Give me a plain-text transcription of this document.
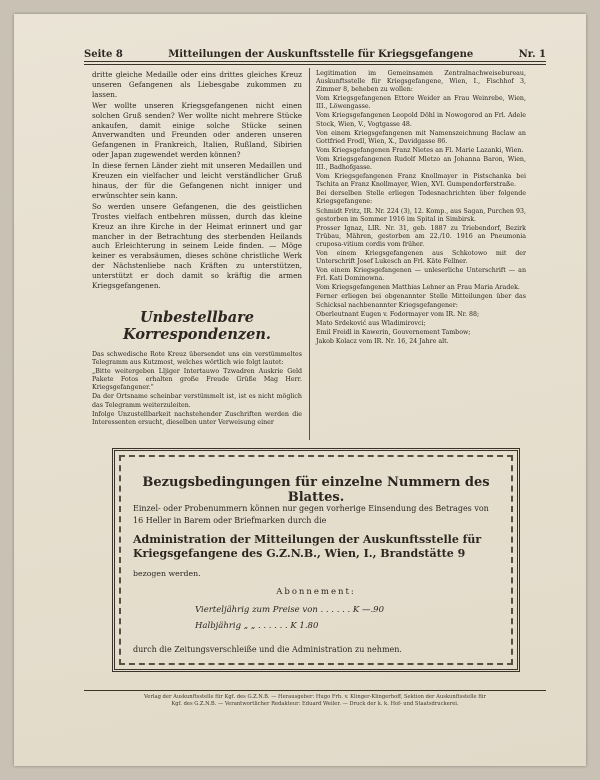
Seite 8	Mitteilungen der Auskunftsstelle für Kriegsgefangene	Nr. 1

dritte gleiche Medaille oder eins drittes gleiches Kreuz unseren Gefangenen als Liebesgabe zukommen zu lassen.

Wer wollte unseren Kriegsgefangenen nicht einen solchen Gruß senden? Wer wollte nicht mehrere Stücke ankaufen, damit einige solche Stücke seinen Anverwandten und Freunden oder anderen unseren Gefangenen in Frankreich, Italien, Rußland, Sibirien oder Japan zugewendet werden können?

In diese fernen Länder zieht mit unseren Medaillen und Kreuzen ein vielfacher und leicht verständlicher Gruß hinaus, der für die Gefangenen nicht inniger und erwünschter sein kann.

So werden unsere Gefangenen, die des geistlichen Trostes vielfach entbehren müssen, durch das kleine Kreuz an ihre Kirche in der Heimat erinnert und gar mancher in der Betrachtung des sterbenden Heilands auch Erleichterung in seinem Leide finden. — Möge keiner es verabsäumen, dieses schöne christliche Werk der Nächstenliebe nach Kräften zu unterstützen, unterstützt er doch damit so kräftig die armen Kriegsgefangenen.

Unbestellbare
Korrespondenzen.

Das schwedische Rote Kreuz übersendet uns ein verstümmeltes Telegramm aus Kutzmost, welches wörtlich wie folgt lautet:

„Bitte weitergeben Lljiger Intertauwo Tzwadren Auskrie Geld Pakete Fotos erhalten große Freude Grüße Mag Herr. Kriegsgefangener.“

Da der Ortsname scheinbar verstümmelt ist, ist es nicht möglich das Telegramm weiterzuleiten.

Infolge Unzustellbarkeit nachstehender Zuschriften werden die Interessenten ersucht, dieselben unter Verweisung einer

Legitimation im Gemeinsamen Zentralnachweisebureau, Auskunftsstelle für Kriegsgefangene, Wien, I., Fischhof 3, Zimmer 8, beheben zu wollen:

Vom Kriegsgefangenen Ettore Weider an Frau Weinrebe, Wien, III., Löwengasse.

Vom Kriegsgefangenen Leopold Döhl in Nowogorod an Frl. Adele Stock, Wien, V., Vogtgasse 48.

Von einem Kriegsgefangenen mit Namenszeichnung Baclaw an Gottfried Frodl, Wien, X., Davidgasse 86.

Vom Kriegsgefangenen Franz Nietes an Fl. Marie Lazanki, Wien.

Vom Kriegsgefangenen Rudolf Mletzo an Johanna Baron, Wien, III., Badhofgasse.

Vom Kriegsgefangenen Franz Knollmayer in Pistschanka bei Tschita an Franz Knollmayer, Wien, XVI. Gumpendorferstraße.

Bei derselben Stelle erliegen Todesnachrichten über folgende Kriegsgefangene:

Schmidt Fritz, IR. Nr. 224 (3), 12. Komp., aus Sagan, Purchen 93, gestorben im Sommer 1916 im Spital in Simbirsk.

Prosser Ignaz, LIR. Nr. 31, geb. 1887 zu Triebendorf, Bezirk Trübau, Mähren, gestorben am 22./10. 1916 an Pneumonia cruposa-vitium cordis vom früher.

Von einem Kriegsgefangenen aus Schkotowo mit der Unterschrift Josef Lukesch an Frl. Käte Fellner.

Von einem Kriegsgefangenen — unleserliche Unterschrift — an Frl. Kati Dominowna.

Vom Kriegsgefangenen Matthias Lehner an Frau Maria Aradek.

Ferner erliegen bei obgenannter Stelle Mitteilungen über das Schicksal nachbenannter Kriegsgefangener:

Oberleutnant Eugen v. Fodormayer vom IR. Nr. 88;

Mato Srdeković aus Wladimirovci;

Emil Freidl in Kawerin, Gouvernement Tambow;

Jakob Kolacz vom IR. Nr. 16, 24 Jahre alt.

Bezugsbedingungen für einzelne Nummern des Blattes.
Einzel- oder Probenummern können nur gegen vorherige Einsendung des Betrages von 16 Heller in Barem oder Briefmarken durch die
Administration der Mitteilungen der Auskunftsstelle für
Kriegsgefangene des G.Z.N.B., Wien, I., Brandstätte 9
bezogen werden.
Abonnement:
Vierteljährig zum Preise von . . . . . . K —.90
Halbjährig „ „ . . . . . . K 1.80
durch die Zeitungsverschleiße und die Administration zu nehmen.
Verlag der Auskunftsstelle für Kgf. des G.Z.N.B. — Herausgeber: Hugo Frh. v. Klinger-Klingerhoff, Sektion der Auskunftsstelle für
Kgf. des G.Z.N.B. — Verantwortlicher Redakteur: Eduard Weiler. — Druck der k. k. Hof- und Staatsdruckerei.
